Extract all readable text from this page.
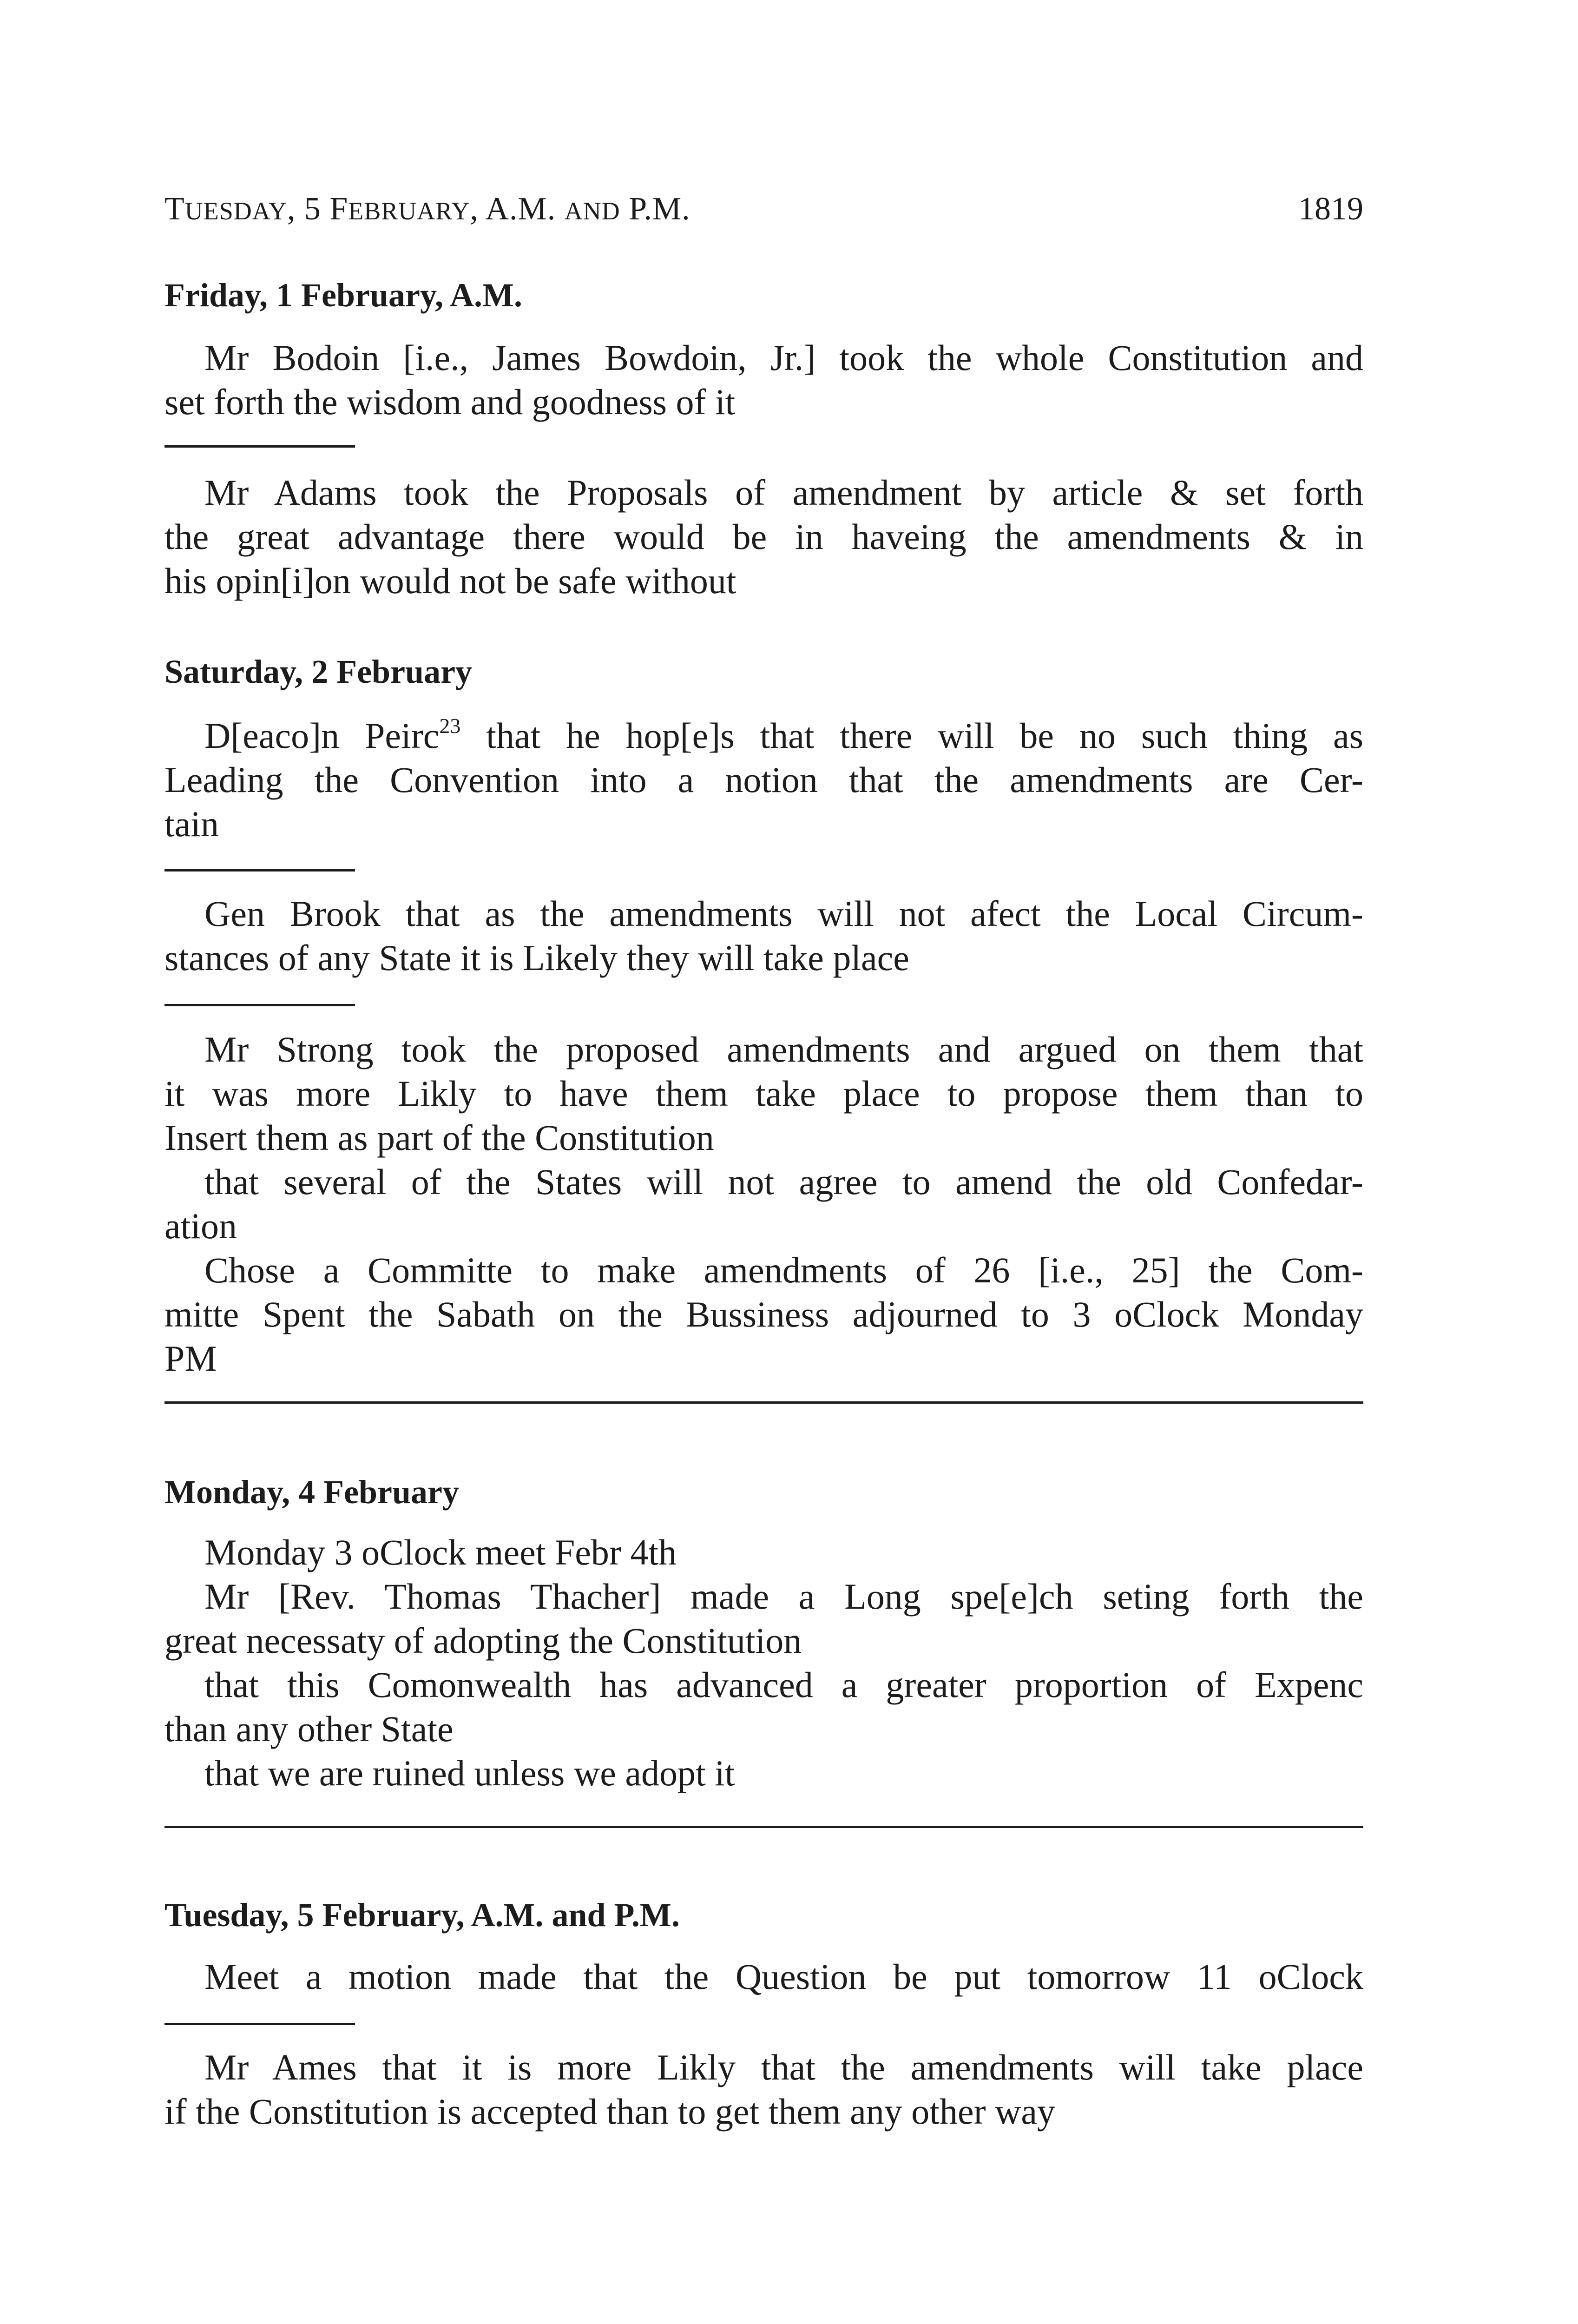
TUESDAY, 5 FEBRUARY, A.M. AND P.M.	1819
Friday, 1 February, A.M.
Mr Bodoin [i.e., James Bowdoin, Jr.] took the whole Constitution and
set forth the wisdom and goodness of it
Mr Adams took the Proposals of amendment by article & set forth
the great advantage there would be in haveing the amendments & in
his opin[i]on would not be safe without
Saturday, 2 February
D[eaco]n Peirc$^{23}$ that he hop[e]s that there will be no such thing as
Leading the Convention into a notion that the amendments are Cer-
tain
Gen Brook that as the amendments will not afect the Local Circum-
stances of any State it is Likely they will take place
Mr Strong took the proposed amendments and argued on them that
it was more Likly to have them take place to propose them than to
Insert them as part of the Constitution
that several of the States will not agree to amend the old Confedar-
ation
Chose a Committe to make amendments of 26 [i.e., 25] the Com-
mitte Spent the Sabath on the Bussiness adjourned to 3 oClock Monday
PM
Monday, 4 February
Monday 3 oClock meet Febr 4th
Mr [Rev. Thomas Thacher] made a Long spe[e]ch seting forth the
great necessaty of adopting the Constitution
that this Comonwealth has advanced a greater proportion of Expenc
than any other State
that we are ruined unless we adopt it
Tuesday, 5 February, A.M. and P.M.
Meet a motion made that the Question be put tomorrow 11 oClock
Mr Ames that it is more Likly that the amendments will take place
if the Constitution is accepted than to get them any other way
